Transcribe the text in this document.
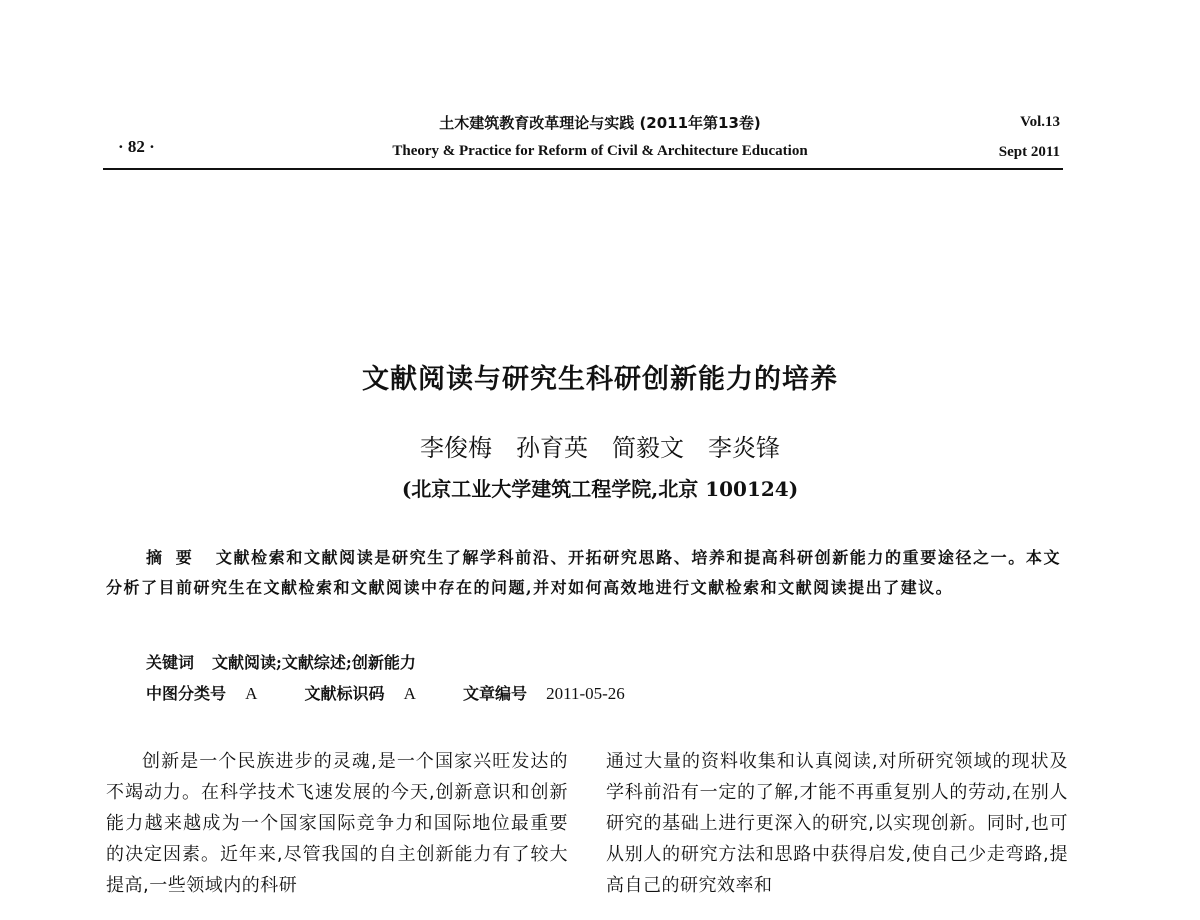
· 82 ·
土木建筑教育改革理论与实践 (2011年第13卷)
Theory & Practice for Reform of Civil & Architecture Education
Vol.13
Sept 2011
文献阅读与研究生科研创新能力的培养
李俊梅 孙育英 简毅文 李炎锋
(北京工业大学建筑工程学院,北京 100124)
摘 要 文献检索和文献阅读是研究生了解学科前沿、开拓研究思路、培养和提高科研创新能力的重要途径之一。本文分析了目前研究生在文献检索和文献阅读中存在的问题,并对如何高效地进行文献检索和文献阅读提出了建议。
关键词 文献阅读;文献综述;创新能力
中图分类号 A	文献标识码 A	文章编号 2011-05-26

创新是一个民族进步的灵魂,是一个国家兴旺发达的不竭动力。在科学技术飞速发展的今天,创新意识和创新能力越来越成为一个国家国际竞争力和国际地位最重要的决定因素。近年来,尽管我国的自主创新能力有了较大提高,一些领域内的科研

通过大量的资料收集和认真阅读,对所研究领域的现状及学科前沿有一定的了解,才能不再重复别人的劳动,在别人研究的基础上进行更深入的研究,以实现创新。同时,也可从别人的研究方法和思路中获得启发,使自己少走弯路,提高自己的研究效率和
